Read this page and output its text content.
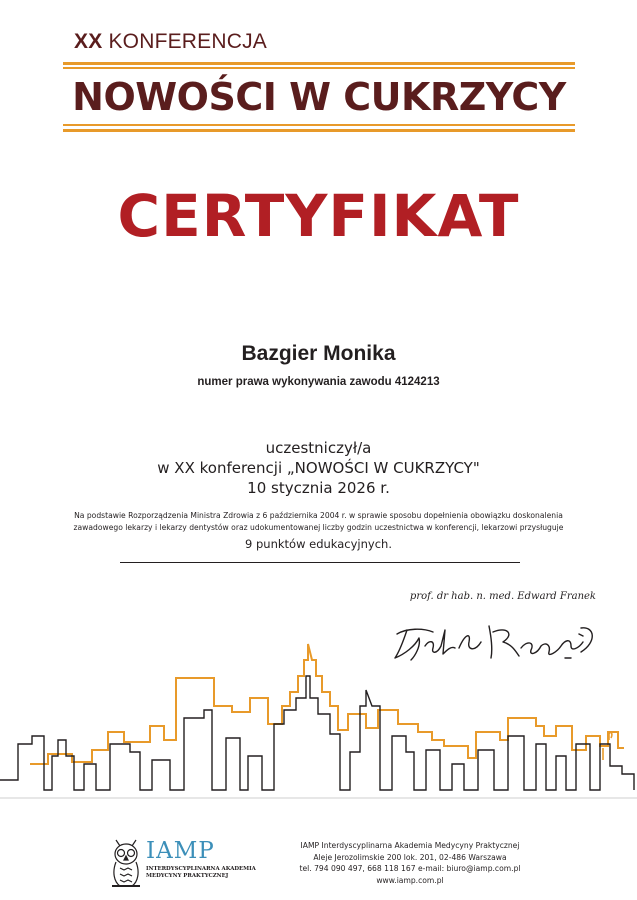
XX KONFERENCJA
NOWOŚCI W CUKRZYCY
CERTYFIKAT
Bazgier Monika
numer prawa wykonywania zawodu 4124213
uczestniczył/a
w XX konferencji „NOWOŚCI W CUKRZYCY"
10 stycznia 2026 r.
Na podstawie Rozporządzenia Ministra Zdrowia z 6 października 2004 r. w sprawie sposobu dopełnienia obowiązku doskonalenia
zawadowego lekarzy i lekarzy dentystów oraz udokumentowanej liczby godzin uczestnictwa w konferencji, lekarzowi przysługuje
9 punktów edukacyjnych.
prof. dr hab. n. med. Edward Franek
IAMP
INTERDYSCYPLINARNA AKADEMIA
MEDYCYNY PRAKTYCZNEJ
IAMP Interdyscyplinarna Akademia Medycyny Praktycznej
Aleje Jerozolimskie 200 lok. 201, 02-486 Warszawa
tel. 794 090 497, 668 118 167 e-mail: biuro@iamp.com.pl
www.iamp.com.pl
